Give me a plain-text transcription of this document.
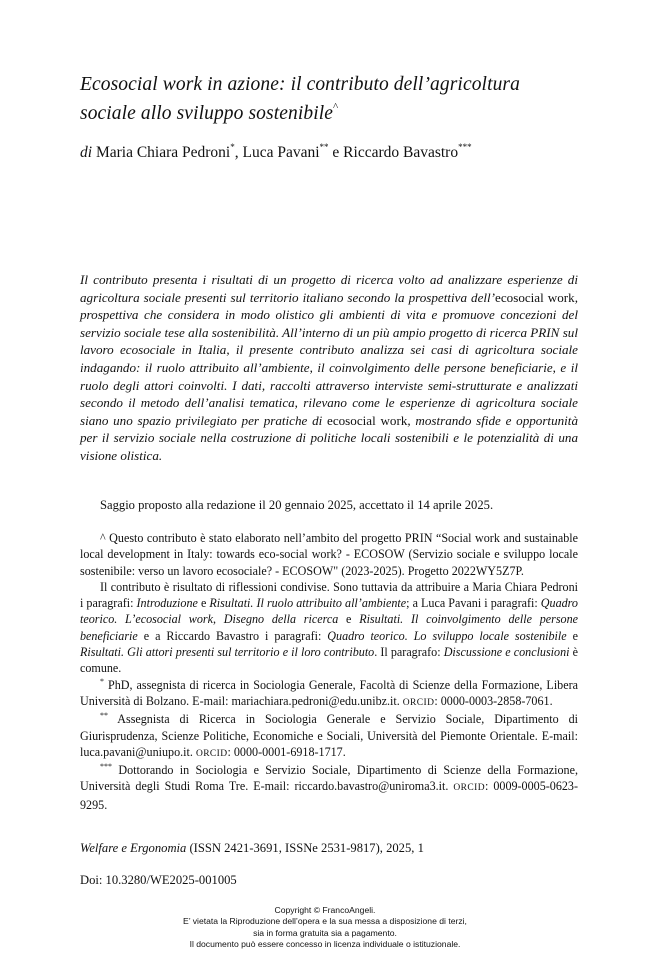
Ecosocial work in azione: il contributo dell’agricoltura
sociale allo sviluppo sostenibile^
di Maria Chiara Pedroni*, Luca Pavani** e Riccardo Bavastro***
Il contributo presenta i risultati di un progetto di ricerca volto ad analizzare esperienze di agricoltura sociale presenti sul territorio italiano secondo la prospettiva dell’ecosocial work, prospettiva che considera in modo olistico gli ambienti di vita e promuove concezioni del servizio sociale tese alla sostenibilità. All’interno di un più ampio progetto di ricerca PRIN sul lavoro ecosociale in Italia, il presente contributo analizza sei casi di agricoltura sociale indagando: il ruolo attribuito all’ambiente, il coinvolgimento delle persone beneficiarie, e il ruolo degli attori coinvolti. I dati, raccolti attraverso interviste semi-strutturate e analizzati secondo il metodo dell’analisi tematica, rilevano come le esperienze di agricoltura sociale siano uno spazio privilegiato per pratiche di ecosocial work, mostrando sfide e opportunità per il servizio sociale nella costruzione di politiche locali sostenibili e le potenzialità di una visione olistica.
Saggio proposto alla redazione il 20 gennaio 2025, accettato il 14 aprile 2025.

^ Questo contributo è stato elaborato nell’ambito del progetto PRIN “Social work and sustainable local development in Italy: towards eco-social work? - ECOSOW (Servizio sociale e sviluppo locale sostenibile: verso un lavoro ecosociale? - ECOSOW" (2023-2025). Progetto 2022WY5Z7P.

Il contributo è risultato di riflessioni condivise. Sono tuttavia da attribuire a Maria Chiara Pedroni i paragrafi: Introduzione e Risultati. Il ruolo attribuito all’ambiente; a Luca Pavani i paragrafi: Quadro teorico. L’ecosocial work, Disegno della ricerca e Risultati. Il coinvolgimento delle persone beneficiarie e a Riccardo Bavastro i paragrafi: Quadro teorico. Lo sviluppo locale sostenibile e Risultati. Gli attori presenti sul territorio e il loro contributo. Il paragrafo: Discussione e conclusioni è comune.

* PhD, assegnista di ricerca in Sociologia Generale, Facoltà di Scienze della Formazione, Libera Università di Bolzano. E-mail: mariachiara.pedroni@edu.unibz.it. ORCID: 0000-0003-2858-7061.

** Assegnista di Ricerca in Sociologia Generale e Servizio Sociale, Dipartimento di Giurisprudenza, Scienze Politiche, Economiche e Sociali, Università del Piemonte Orientale. E-mail: luca.pavani@uniupo.it. ORCID: 0000-0001-6918-1717.

*** Dottorando in Sociologia e Servizio Sociale, Dipartimento di Scienze della Formazione, Università degli Studi Roma Tre. E-mail: riccardo.bavastro@uniroma3.it. ORCID: 0009-0005-0623-9295.

Welfare e Ergonomia (ISSN 2421-3691, ISSNe 2531-9817), 2025, 1
Doi: 10.3280/WE2025-001005
Copyright © FrancoAngeli.
E’ vietata la Riproduzione dell’opera e la sua messa a disposizione di terzi,
sia in forma gratuita sia a pagamento.
Il documento può essere concesso in licenza individuale o istituzionale.
